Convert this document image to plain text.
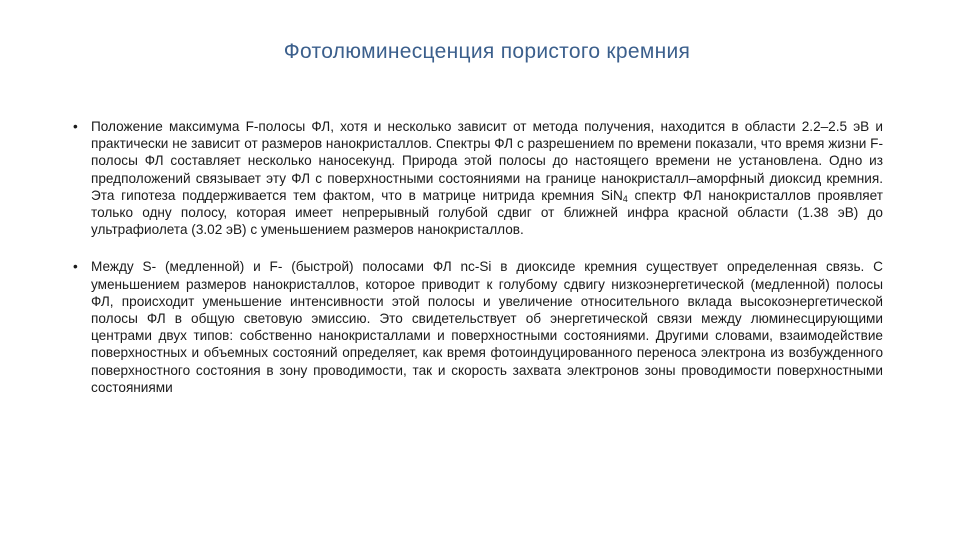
Фотолюминесценция пористого кремния
• Положение максимума F-полосы ФЛ, хотя и несколько зависит от метода получения, находится в области 2.2–2.5 эВ и практически не зависит от размеров нанокристаллов. Спектры ФЛ с разрешением по времени показали, что время жизни F-полосы ФЛ составляет несколько наносекунд. Природа этой полосы до настоящего времени не установлена. Одно из предположений связывает эту ФЛ с поверхностными состояниями на границе нанокристалл–аморфный диоксид кремния. Эта гипотеза поддерживается тем фактом, что в матрице нитрида кремния SiN$_4$ спектр ФЛ нанокристаллов проявляет только одну полосу, которая имеет непрерывный голубой сдвиг от ближней инфра красной области (1.38 эВ) до ультрафиолета (3.02 эВ) с уменьшением размеров нанокристаллов.
• Между S- (медленной) и F- (быстрой) полосами ФЛ nc-Si в диоксиде кремния существует определенная связь. С уменьшением размеров нанокристаллов, которое приводит к голубому сдвигу низкоэнергетической (медленной) полосы ФЛ, происходит уменьшение интенсивности этой полосы и увеличение относительного вклада высокоэнергетической полосы ФЛ в общую световую эмиссию. Это свидетельствует об энергетической связи между люминесцирующими центрами двух типов: собственно нанокристаллами и поверхностными состояниями. Другими словами, взаимодействие поверхностных и объемных состояний определяет, как время фотоиндуцированного переноса электрона из возбужденного поверхностного состояния в зону проводимости, так и скорость захвата электронов зоны проводимости поверхностными состояниями
